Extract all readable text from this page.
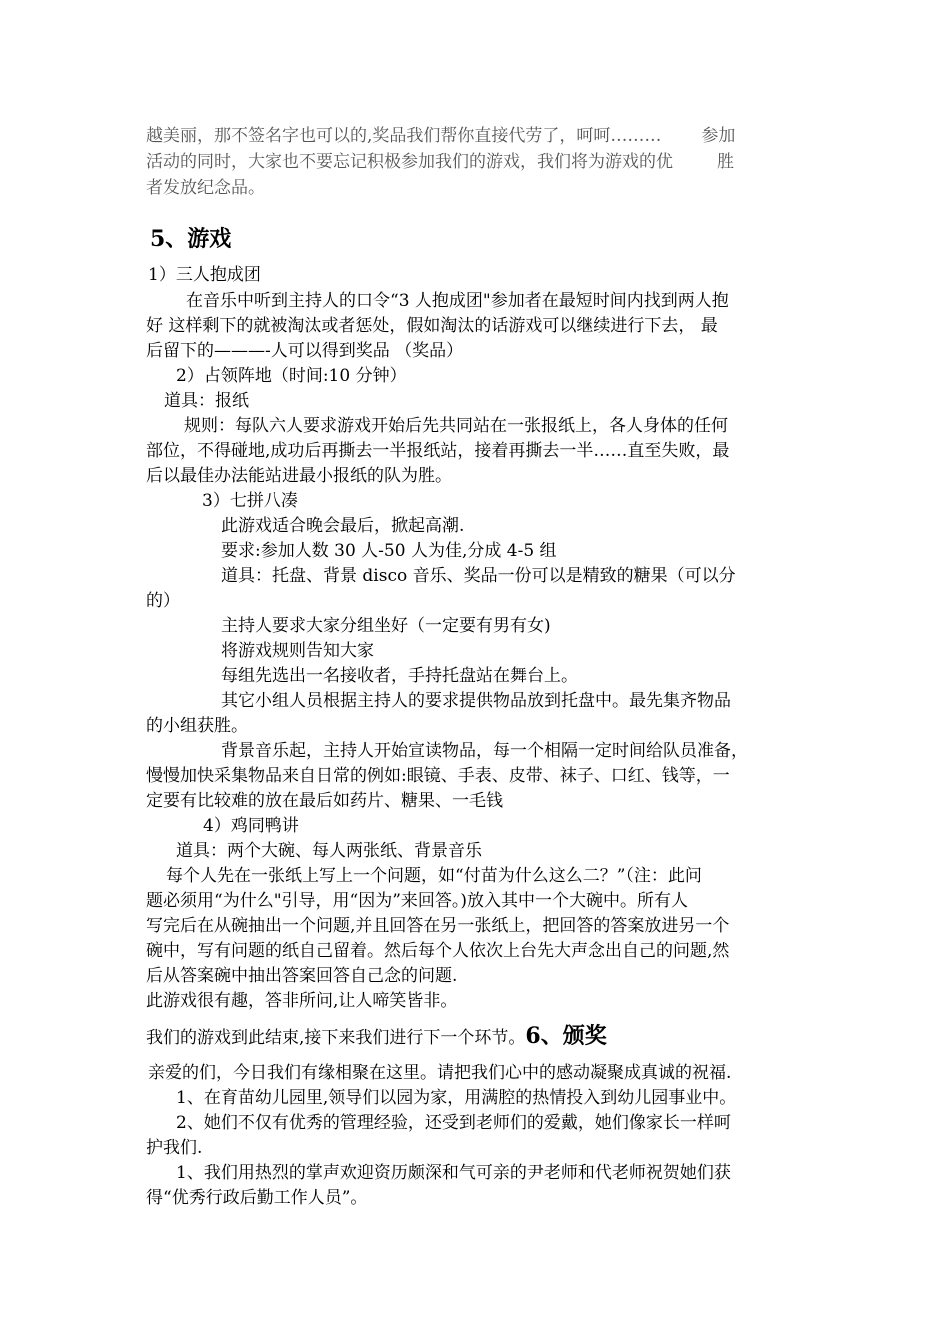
越美丽，那不签名字也可以的,奖品我们帮你直接代劳了，呵呵……… 参加
活动的同时，大家也不要忘记积极参加我们的游戏，我们将为游戏的优	胜
者发放纪念品。
5、游戏
1）三人抱成团
在音乐中听到主持人的口令“3 人抱成团"参加者在最短时间内找到两人抱
好 这样剩下的就被淘汰或者惩处，假如淘汰的话游戏可以继续进行下去， 最
后留下的———-人可以得到奖品 （奖品）
2）占领阵地（时间:10 分钟）
道具：报纸
规则：每队六人要求游戏开始后先共同站在一张报纸上，各人身体的任何
部位，不得碰地,成功后再撕去一半报纸站，接着再撕去一半……直至失败，最
后以最佳办法能站进最小报纸的队为胜。
3）七拼八凑
此游戏适合晚会最后，掀起高潮.
要求:参加人数 30 人-50 人为佳,分成 4-5 组
道具：托盘、背景 disco 音乐、奖品一份可以是精致的糖果（可以分
的）
主持人要求大家分组坐好（一定要有男有女)
将游戏规则告知大家
每组先选出一名接收者，手持托盘站在舞台上。
其它小组人员根据主持人的要求提供物品放到托盘中。最先集齐物品
的小组获胜。
背景音乐起，主持人开始宣读物品，每一个相隔一定时间给队员准备，
慢慢加快采集物品来自日常的例如:眼镜、手表、皮带、袜子、口红、钱等，一
定要有比较难的放在最后如药片、糖果、一毛钱
4）鸡同鸭讲
道具：两个大碗、每人两张纸、背景音乐
每个人先在一张纸上写上一个问题，如“付苗为什么这么二？”（注：此问
题必须用“为什么"引导，用“因为”来回答。)放入其中一个大碗中。所有人
写完后在从碗抽出一个问题,并且回答在另一张纸上，把回答的答案放进另一个
碗中，写有问题的纸自己留着。然后每个人依次上台先大声念出自己的问题,然
后从答案碗中抽出答案回答自己念的问题.
此游戏很有趣，答非所问,让人啼笑皆非。
我们的游戏到此结束,接下来我们进行下一个环节。6、颁奖
亲爱的们，今日我们有缘相聚在这里。请把我们心中的感动凝聚成真诚的祝福.
1、在育苗幼儿园里,领导们以园为家，用满腔的热情投入到幼儿园事业中。
2、她们不仅有优秀的管理经验，还受到老师们的爱戴，她们像家长一样呵
护我们.
1、我们用热烈的掌声欢迎资历颇深和气可亲的尹老师和代老师祝贺她们获
得“优秀行政后勤工作人员”。
